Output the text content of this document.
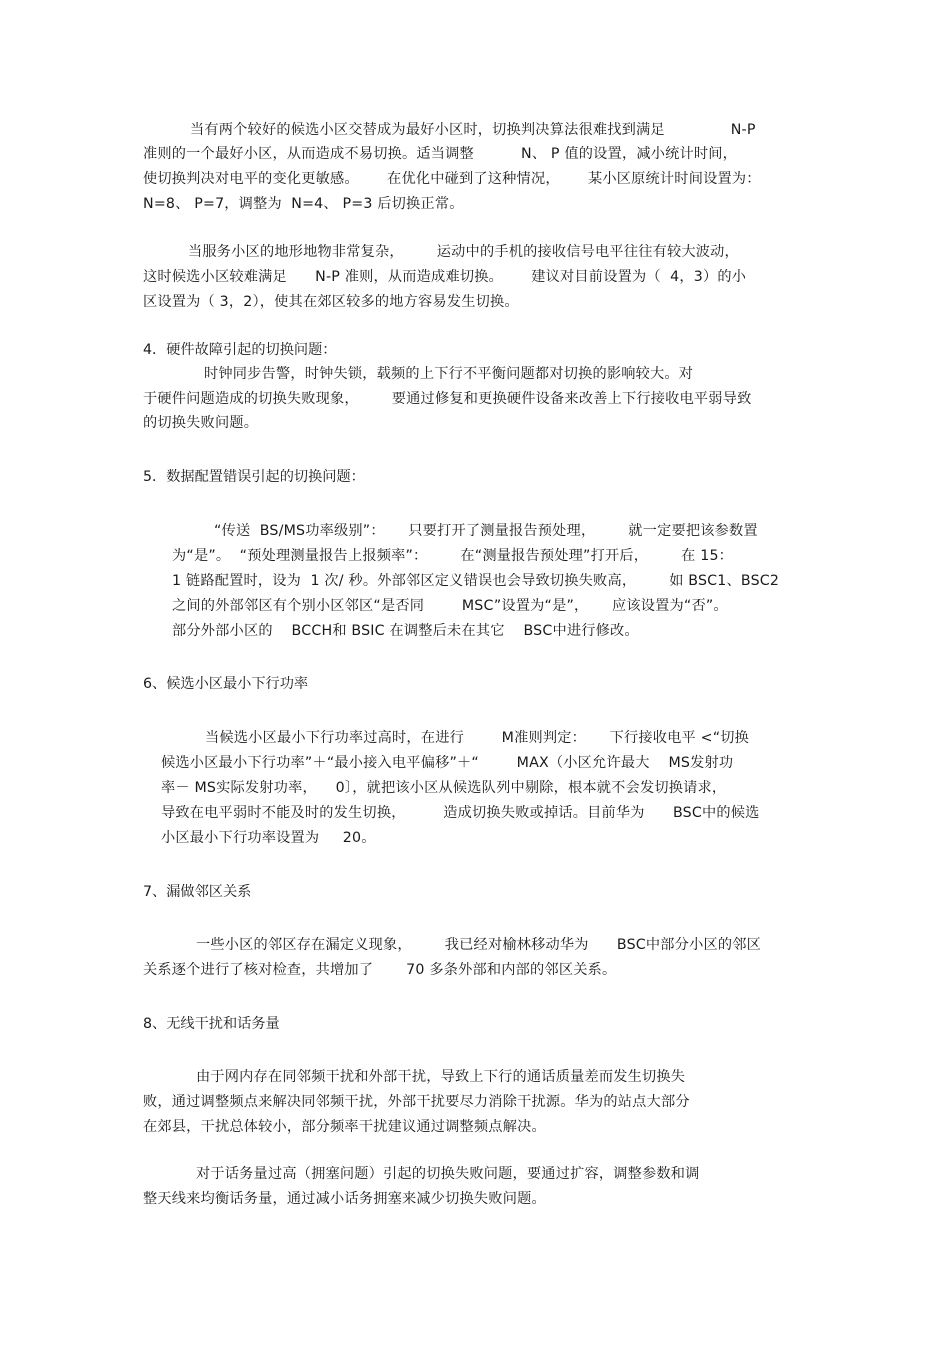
当有两个较好的候选小区交替成为最好小区时，切换判决算法很难找到满足              N-P
准则的一个最好小区，从而造成不易切换。适当调整          N、 P 值的设置，减小统计时间，
使切换判决对电平的变化更敏感。      在优化中碰到了这种情况，      某小区原统计时间设置为：
N=8、 P=7，调整为  N=4、 P=3 后切换正常。
当服务小区的地形地物非常复杂，       运动中的手机的接收信号电平往往有较大波动，
这时候选小区较难满足      N-P 准则，从而造成难切换。      建议对目前设置为（  4，3）的小
区设置为（ 3，2），使其在郊区较多的地方容易发生切换。
4．硬件故障引起的切换问题：
时钟同步告警，时钟失锁，载频的上下行不平衡问题都对切换的影响较大。对
于硬件问题造成的切换失败现象，       要通过修复和更换硬件设备来改善上下行接收电平弱导致
的切换失败问题。
5．数据配置错误引起的切换问题：
“传送  BS/MS功率级别”：     只要打开了测量报告预处理，       就一定要把该参数置
为“是”。  “预处理测量报告上报频率”：       在“测量报告预处理”打开后，       在 15：
1 链路配置时，设为  1 次/ 秒。外部邻区定义错误也会导致切换失败高，       如 BSC1、BSC2
之间的外部邻区有个别小区邻区“是否同        MSC”设置为“是”，     应该设置为“否”。
部分外部小区的    BCCH和 BSIC 在调整后未在其它    BSC中进行修改。
6、候选小区最小下行功率
当候选小区最小下行功率过高时，在进行        M准则判定：     下行接收电平 <“切换
候选小区最小下行功率”＋“最小接入电平偏移”＋“        MAX（小区允许最大    MS发射功
率－ MS实际发射功率，    0〕，就把该小区从候选队列中剔除，根本就不会发切换请求，
导致在电平弱时不能及时的发生切换，        造成切换失败或掉话。目前华为      BSC中的候选
小区最小下行功率设置为     20。
7、漏做邻区关系
一些小区的邻区存在漏定义现象，       我已经对榆林移动华为      BSC中部分小区的邻区
关系逐个进行了核对检查，共增加了       70 多条外部和内部的邻区关系。
8、无线干扰和话务量
由于网内存在同邻频干扰和外部干扰，导致上下行的通话质量差而发生切换失
败，通过调整频点来解决同邻频干扰，外部干扰要尽力消除干扰源。华为的站点大部分
在郊县，干扰总体较小，部分频率干扰建议通过调整频点解决。
对于话务量过高（拥塞问题）引起的切换失败问题，要通过扩容，调整参数和调
整天线来均衡话务量，通过减小话务拥塞来减少切换失败问题。
